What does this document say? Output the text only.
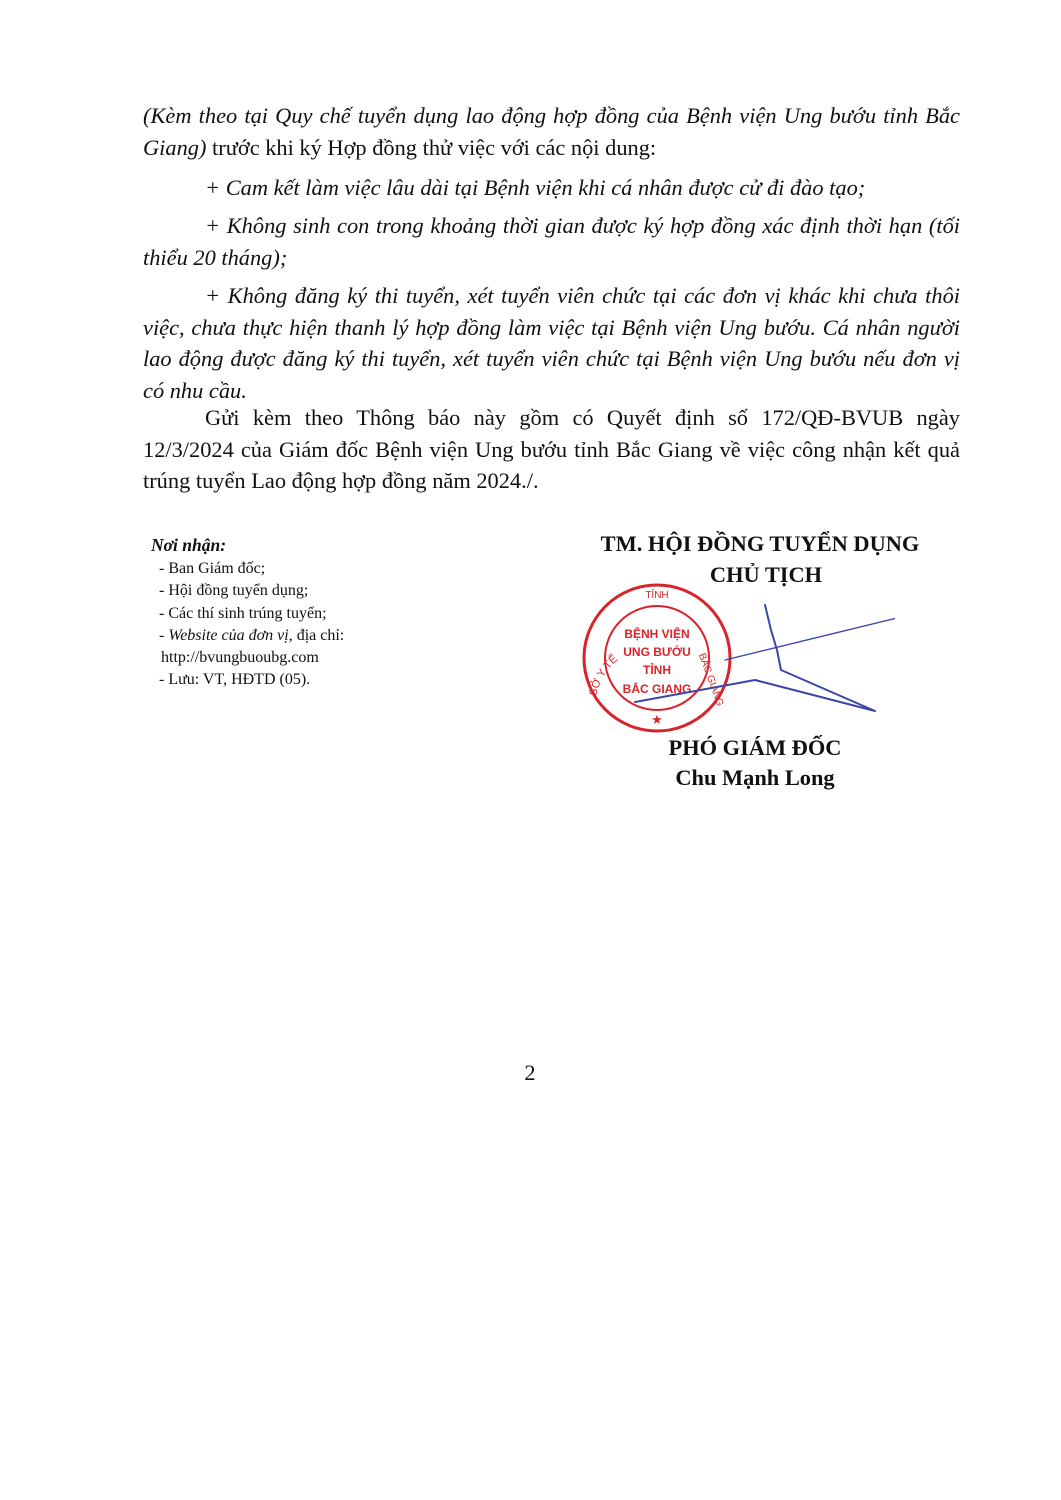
(Kèm theo tại Quy chế tuyển dụng lao động hợp đồng của Bệnh viện Ung bướu tỉnh Bắc Giang) trước khi ký Hợp đồng thử việc với các nội dung:

+ Cam kết làm việc lâu dài tại Bệnh viện khi cá nhân được cử đi đào tạo;

+ Không sinh con trong khoảng thời gian được ký hợp đồng xác định thời hạn (tối thiểu 20 tháng);

+ Không đăng ký thi tuyển, xét tuyển viên chức tại các đơn vị khác khi chưa thôi việc, chưa thực hiện thanh lý hợp đồng làm việc tại Bệnh viện Ung bướu. Cá nhân người lao động được đăng ký thi tuyển, xét tuyển viên chức tại Bệnh viện Ung bướu nếu đơn vị có nhu cầu.

Gửi kèm theo Thông báo này gồm có Quyết định số 172/QĐ-BVUB ngày 12/3/2024 của Giám đốc Bệnh viện Ung bướu tỉnh Bắc Giang về việc công nhận kết quả trúng tuyển Lao động hợp đồng năm 2024./.

Nơi nhận:
- Ban Giám đốc;
- Hội đồng tuyển dụng;
- Các thí sinh trúng tuyển;
- Website của đơn vị, địa chỉ:
http://bvungbuoubg.com
- Lưu: VT, HĐTD (05).
TM. HỘI ĐỒNG TUYỂN DỤNG
CHỦ TỊCH
SỞ Y TẾ
TỈNH
BỆNH VIỆN
UNG BƯỚU
TỈNH
BẮC GIANG BẮC GIANG
★
PHÓ GIÁM ĐỐC
Chu Mạnh Long
2
